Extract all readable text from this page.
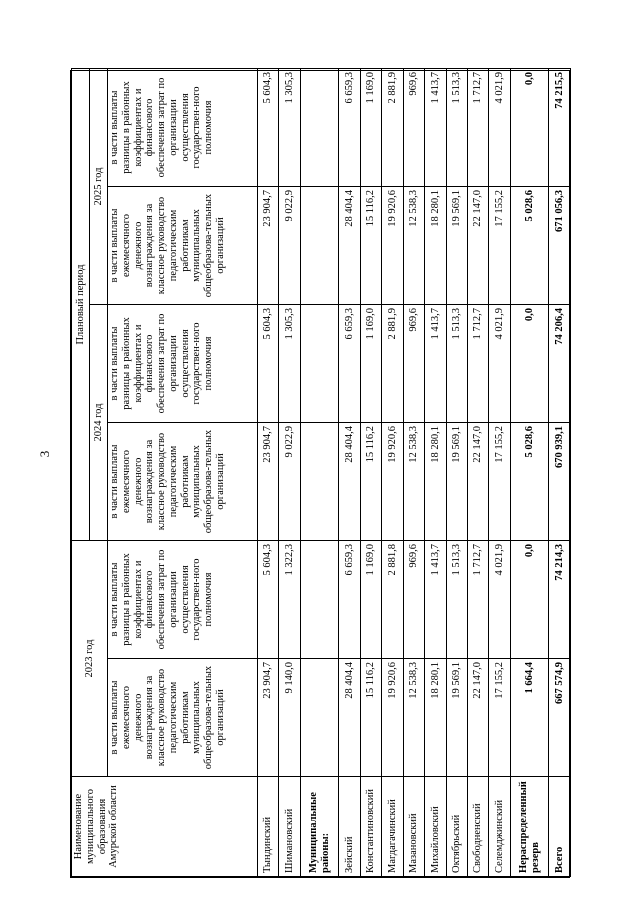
3
Наименование муниципального образования Амурской области	2023 год		Плановый период			
			2024 год		2025 год	
	в части выплаты ежемесячного денежного вознаграждения за классное руководство педагогическим работникам муниципальных общеобразова-тельных организаций	в части выплаты разницы в районных коэффициентах и финансового обеспечения затрат по организации осуществления государствен-ного полномочия	в части выплаты ежемесячного денежного вознаграждения за классное руководство педагогическим работникам муниципальных общеобразова-тельных организаций	в части выплаты разницы в районных коэффициентах и финансового обеспечения затрат по организации осуществления государствен-ного полномочия	в части выплаты ежемесячного денежного вознаграждения за классное руководство педагогическим работникам муниципальных общеобразова-тельных организаций	в части выплаты разницы в районных коэффициентах и финансового обеспечения затрат по организации осуществления государствен-ного полномочия
Тындинский	23 904,7	5 604,3	23 904,7	5 604,3	23 904,7	5 604,3
Шимановский	9 140,0	1 322,3	9 022,9	1 305,3	9 022,9	1 305,3
Муниципальные районы:						
Зейский	28 404,4	6 659,3	28 404,4	6 659,3	28 404,4	6 659,3
Константиновский	15 116,2	1 169,0	15 116,2	1 169,0	15 116,2	1 169,0
Магдагачинский	19 920,6	2 881,8	19 920,6	2 881,9	19 920,6	2 881,9
Мазановский	12 538,3	969,6	12 538,3	969,6	12 538,3	969,6
Михайловский	18 280,1	1 413,7	18 280,1	1 413,7	18 280,1	1 413,7
Октябрьский	19 569,1	1 513,3	19 569,1	1 513,3	19 569,1	1 513,3
Свободненский	22 147,0	1 712,7	22 147,0	1 712,7	22 147,0	1 712,7
Селемджинский	17 155,2	4 021,9	17 155,2	4 021,9	17 155,2	4 021,9
Нераспределенный резерв	1 664,4	0,0	5 028,6	0,0	5 028,6	0,0
Всего	667 574,9	74 214,3	670 939,1	74 206,4	671 056,3	74 215,5
